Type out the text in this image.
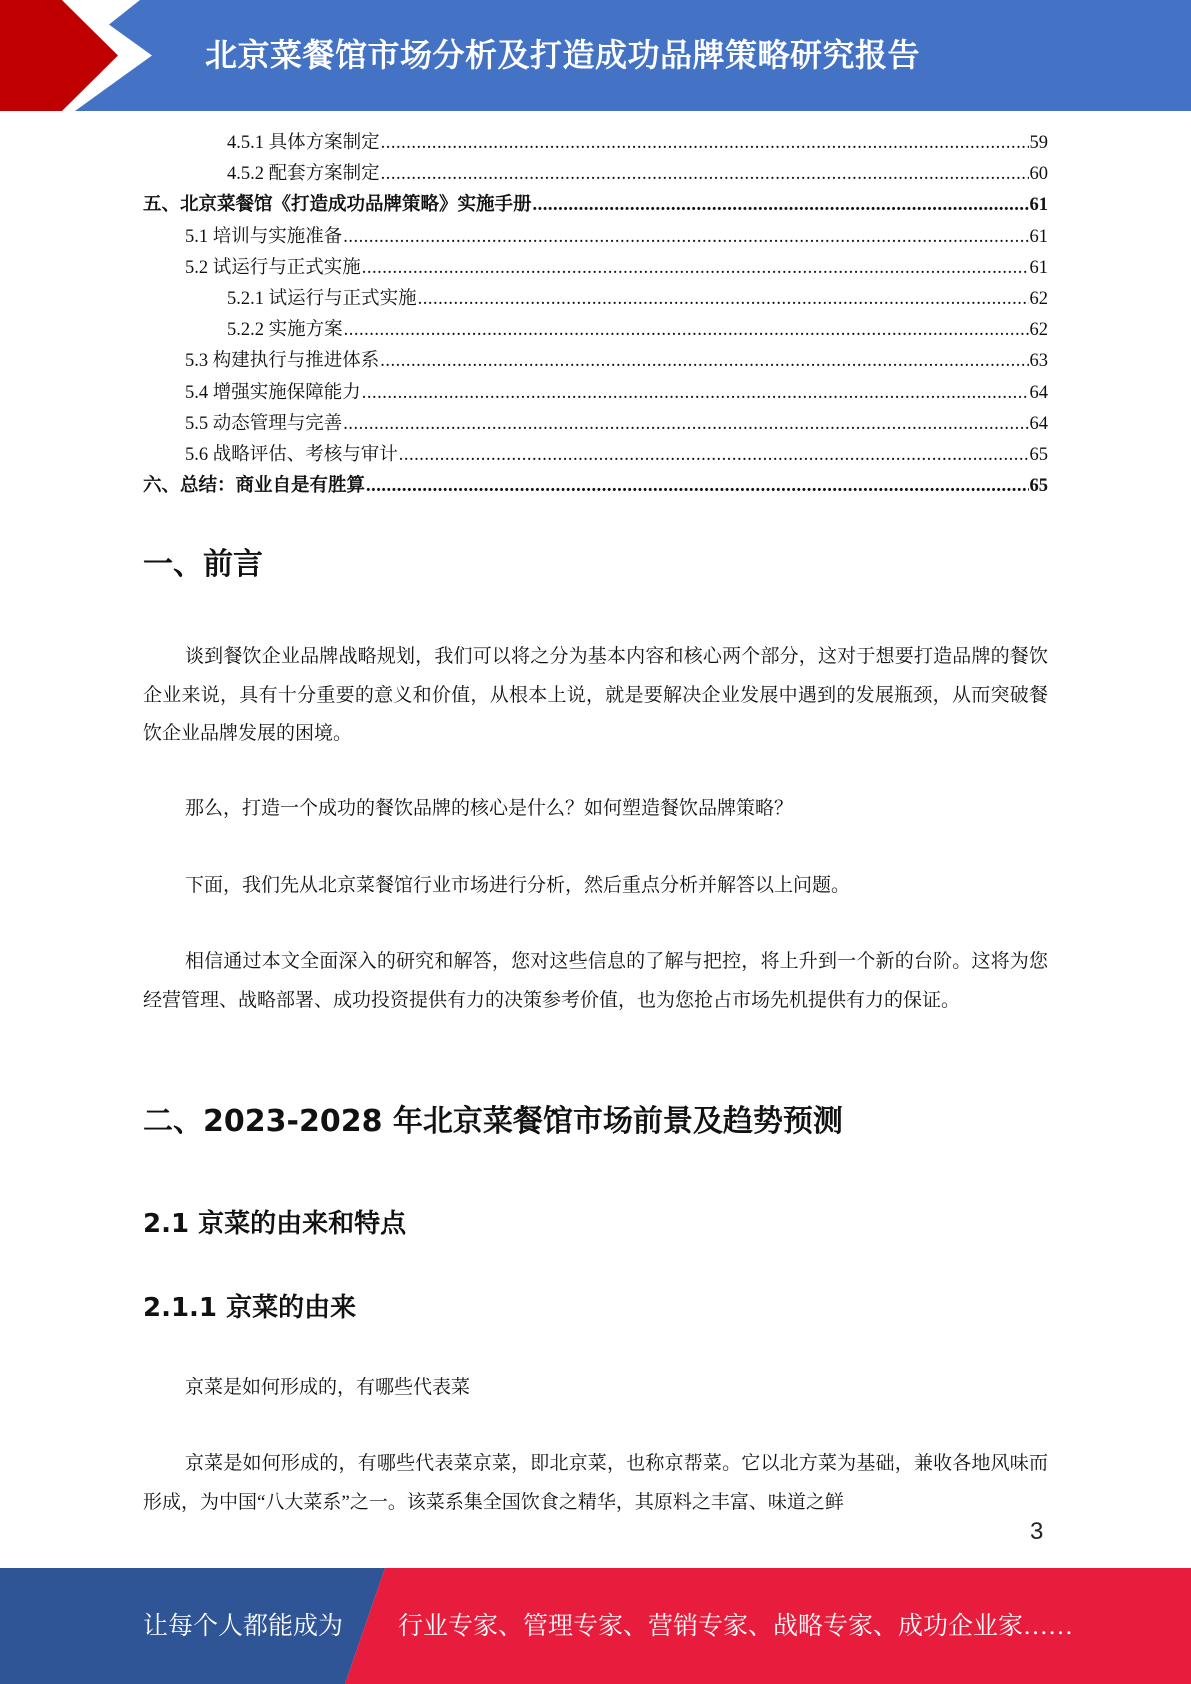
北京菜餐馆市场分析及打造成功品牌策略研究报告
4.5.1 具体方案制定 .....	59
4.5.2 配套方案制定 .....	60
五、北京菜餐馆《打造成功品牌策略》实施手册 .....	61
5.1 培训与实施准备 .....	61
5.2 试运行与正式实施 .....	61
5.2.1 试运行与正式实施 .....	62
5.2.2 实施方案 .....	62
5.3 构建执行与推进体系 .....	63
5.4 增强实施保障能力 .....	64
5.5 动态管理与完善 .....	64
5.6 战略评估、考核与审计 .....	65
六、总结：商业自是有胜算 .....	65
一、前言

谈到餐饮企业品牌战略规划，我们可以将之分为基本内容和核心两个部分，这对于想要打造品牌的餐饮企业来说，具有十分重要的意义和价值，从根本上说，就是要解决企业发展中遇到的发展瓶颈，从而突破餐饮企业品牌发展的困境。

那么，打造一个成功的餐饮品牌的核心是什么？如何塑造餐饮品牌策略？

下面，我们先从北京菜餐馆行业市场进行分析，然后重点分析并解答以上问题。

相信通过本文全面深入的研究和解答，您对这些信息的了解与把控，将上升到一个新的台阶。这将为您经营管理、战略部署、成功投资提供有力的决策参考价值，也为您抢占市场先机提供有力的保证。

二、2023-2028 年北京菜餐馆市场前景及趋势预测
2.1 京菜的由来和特点
2.1.1 京菜的由来

京菜是如何形成的，有哪些代表菜

京菜是如何形成的，有哪些代表菜京菜，即北京菜，也称京帮菜。它以北方菜为基础，兼收各地风味而形成，为中国“八大菜系”之一。该菜系集全国饮食之精华，其原料之丰富、味道之鲜

3
让每个人都能成为 行业专家、管理专家、营销专家、战略专家、成功企业家……
